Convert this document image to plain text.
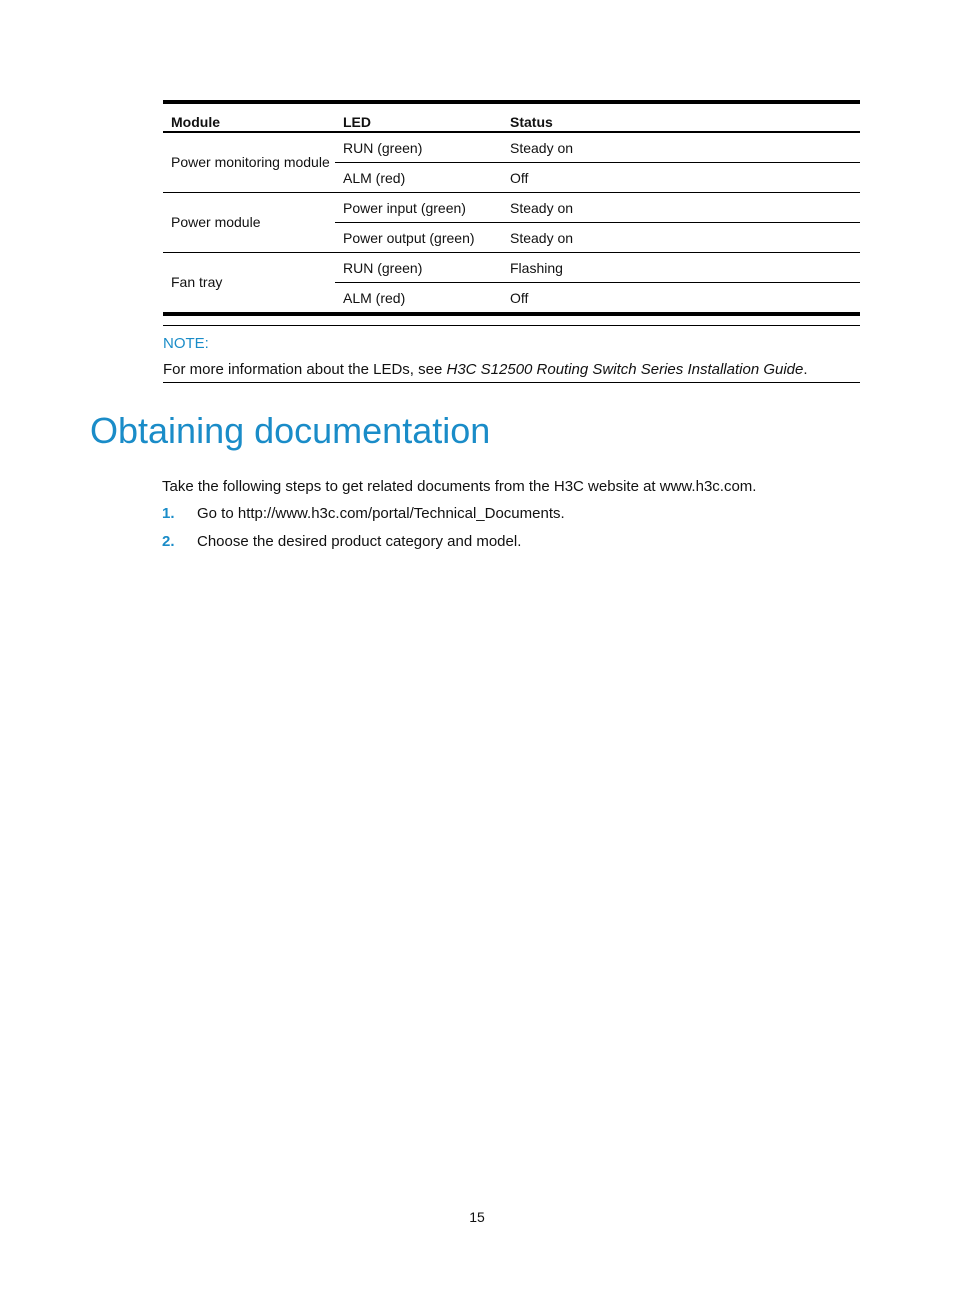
Module	LED	Status
Power monitoring module	RUN (green)	Steady on
	ALM (red)	Off
Power module	Power input (green)	Steady on
	Power output (green)	Steady on
Fan tray	RUN (green)	Flashing
	ALM (red)	Off
NOTE:
For more information about the LEDs, see H3C S12500 Routing Switch Series Installation Guide.
Obtaining documentation
Take the following steps to get related documents from the H3C website at www.h3c.com.
1. Go to http://www.h3c.com/portal/Technical_Documents.
2. Choose the desired product category and model.
15
